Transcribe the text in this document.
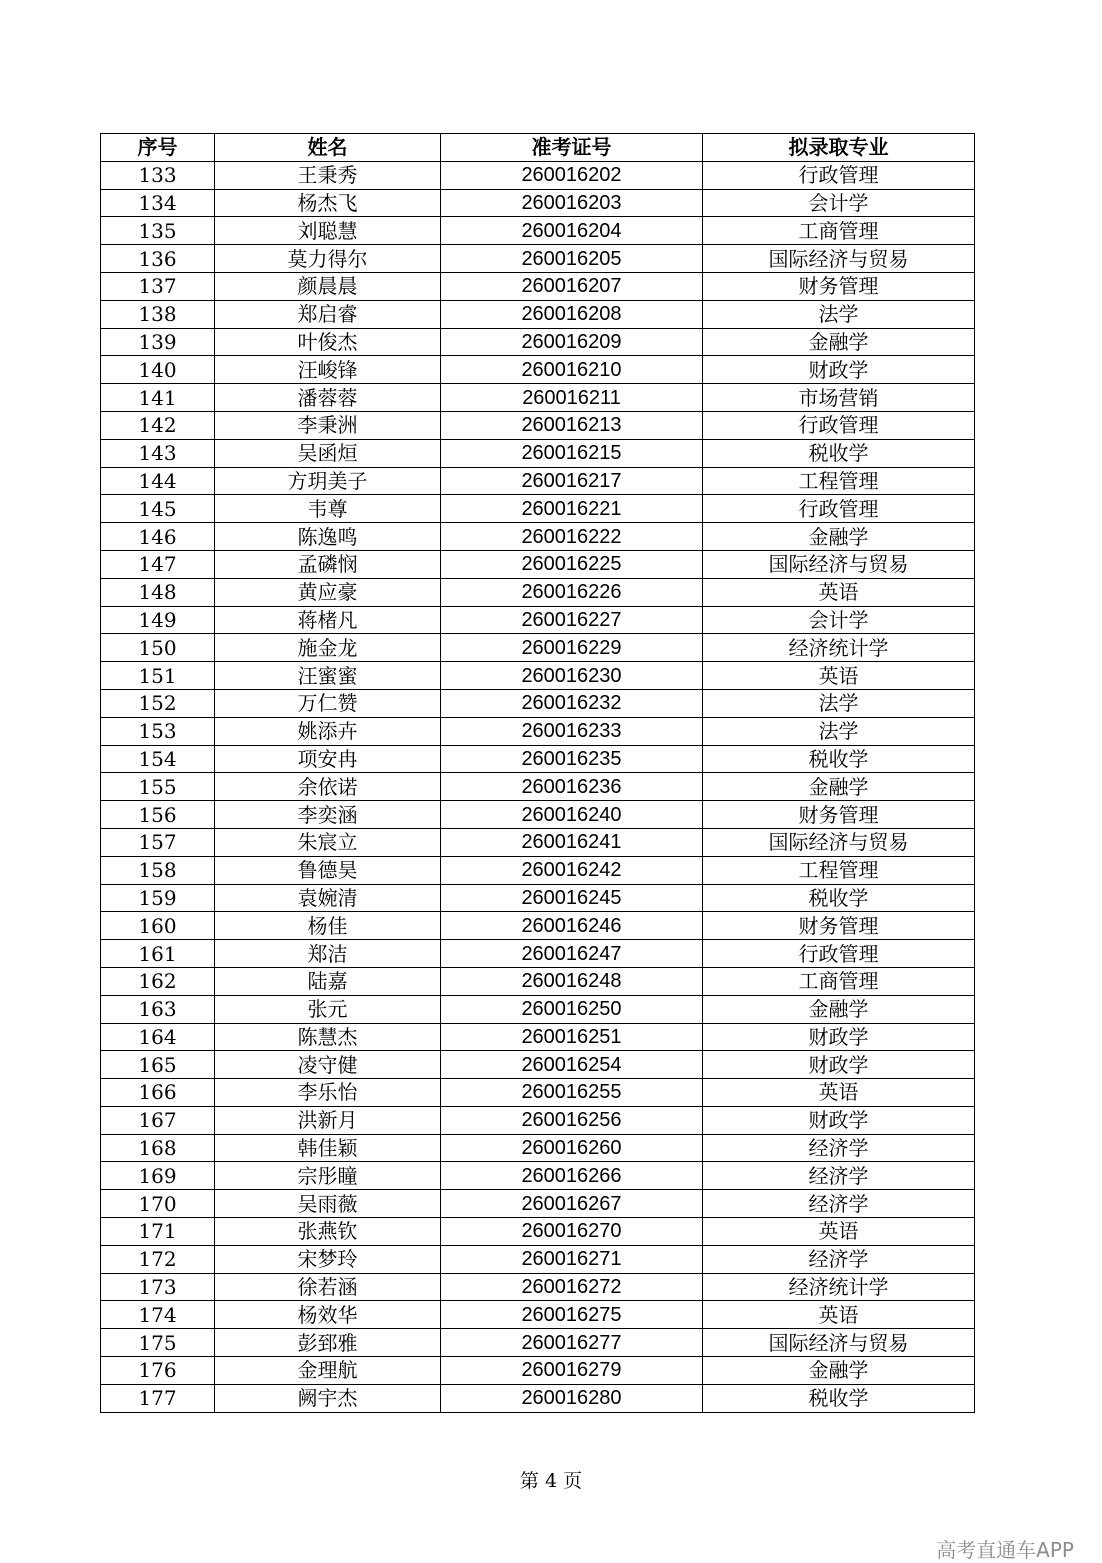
序号	姓名	准考证号	拟录取专业
133	王秉秀	260016202	行政管理
134	杨杰飞	260016203	会计学
135	刘聪慧	260016204	工商管理
136	莫力得尔	260016205	国际经济与贸易
137	颜晨晨	260016207	财务管理
138	郑启睿	260016208	法学
139	叶俊杰	260016209	金融学
140	汪峻锋	260016210	财政学
141	潘蓉蓉	260016211	市场营销
142	李秉洲	260016213	行政管理
143	吴函烜	260016215	税收学
144	方玥美子	260016217	工程管理
145	韦尊	260016221	行政管理
146	陈逸鸣	260016222	金融学
147	孟磷悯	260016225	国际经济与贸易
148	黄应豪	260016226	英语
149	蒋楮凡	260016227	会计学
150	施金龙	260016229	经济统计学
151	汪蜜蜜	260016230	英语
152	万仁赞	260016232	法学
153	姚添卉	260016233	法学
154	项安冉	260016235	税收学
155	余依诺	260016236	金融学
156	李奕涵	260016240	财务管理
157	朱宸立	260016241	国际经济与贸易
158	鲁德昊	260016242	工程管理
159	袁婉清	260016245	税收学
160	杨佳	260016246	财务管理
161	郑洁	260016247	行政管理
162	陆嘉	260016248	工商管理
163	张元	260016250	金融学
164	陈慧杰	260016251	财政学
165	凌守健	260016254	财政学
166	李乐怡	260016255	英语
167	洪新月	260016256	财政学
168	韩佳颖	260016260	经济学
169	宗彤瞳	260016266	经济学
170	吴雨薇	260016267	经济学
171	张燕钦	260016270	英语
172	宋梦玲	260016271	经济学
173	徐若涵	260016272	经济统计学
174	杨效华	260016275	英语
175	彭郅雅	260016277	国际经济与贸易
176	金理航	260016279	金融学
177	阙宇杰	260016280	税收学
第 4 页
高考直通车APP
